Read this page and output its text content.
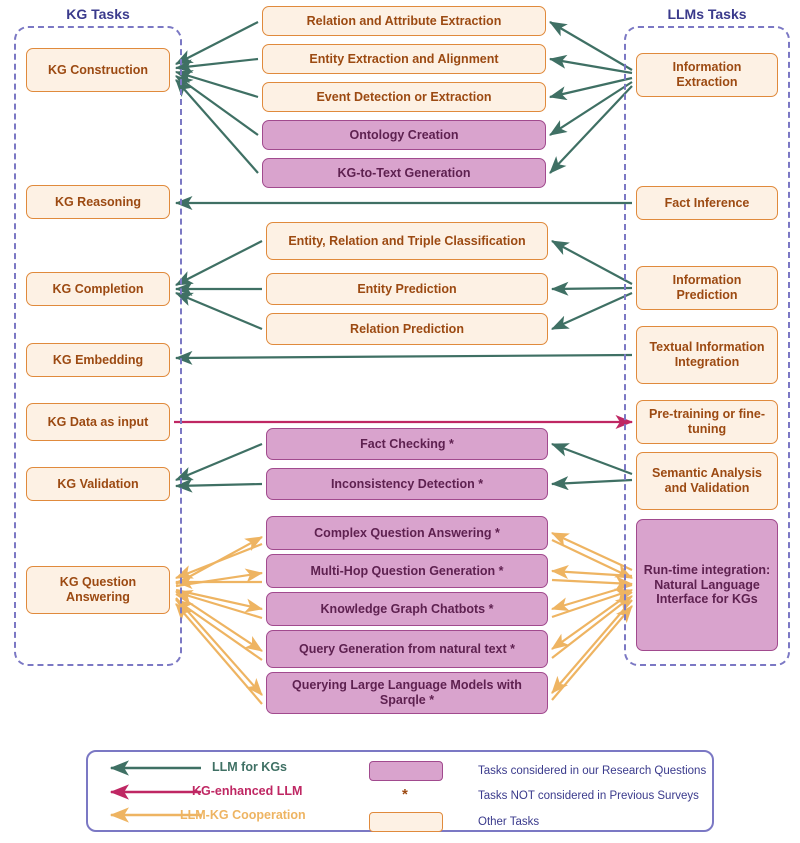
KG Tasks	LLMs Tasks
KG Construction
KG Reasoning
KG Completion
KG Embedding
KG Data as input
KG Validation
KG Question Answering
Relation and Attribute Extraction
Entity Extraction and Alignment
Event Detection or Extraction
Ontology Creation
KG-to-Text Generation
Entity, Relation and Triple Classification
Entity Prediction
Relation Prediction
Fact Checking *
Inconsistency Detection *
Complex Question Answering *
Multi-Hop Question Generation *
Knowledge Graph Chatbots *
Query Generation from natural text *
Querying Large Language Models with Sparqle *
Information Extraction
Fact Inference
Information Prediction
Textual Information Integration
Pre-training or fine-tuning
Semantic Analysis and Validation
Run-time integration: Natural Language Interface for KGs
LLM for KGs
KG-enhanced LLM
LLM-KG Cooperation
*
Tasks considered in our Research Questions
Tasks NOT considered in Previous Surveys
Other Tasks
